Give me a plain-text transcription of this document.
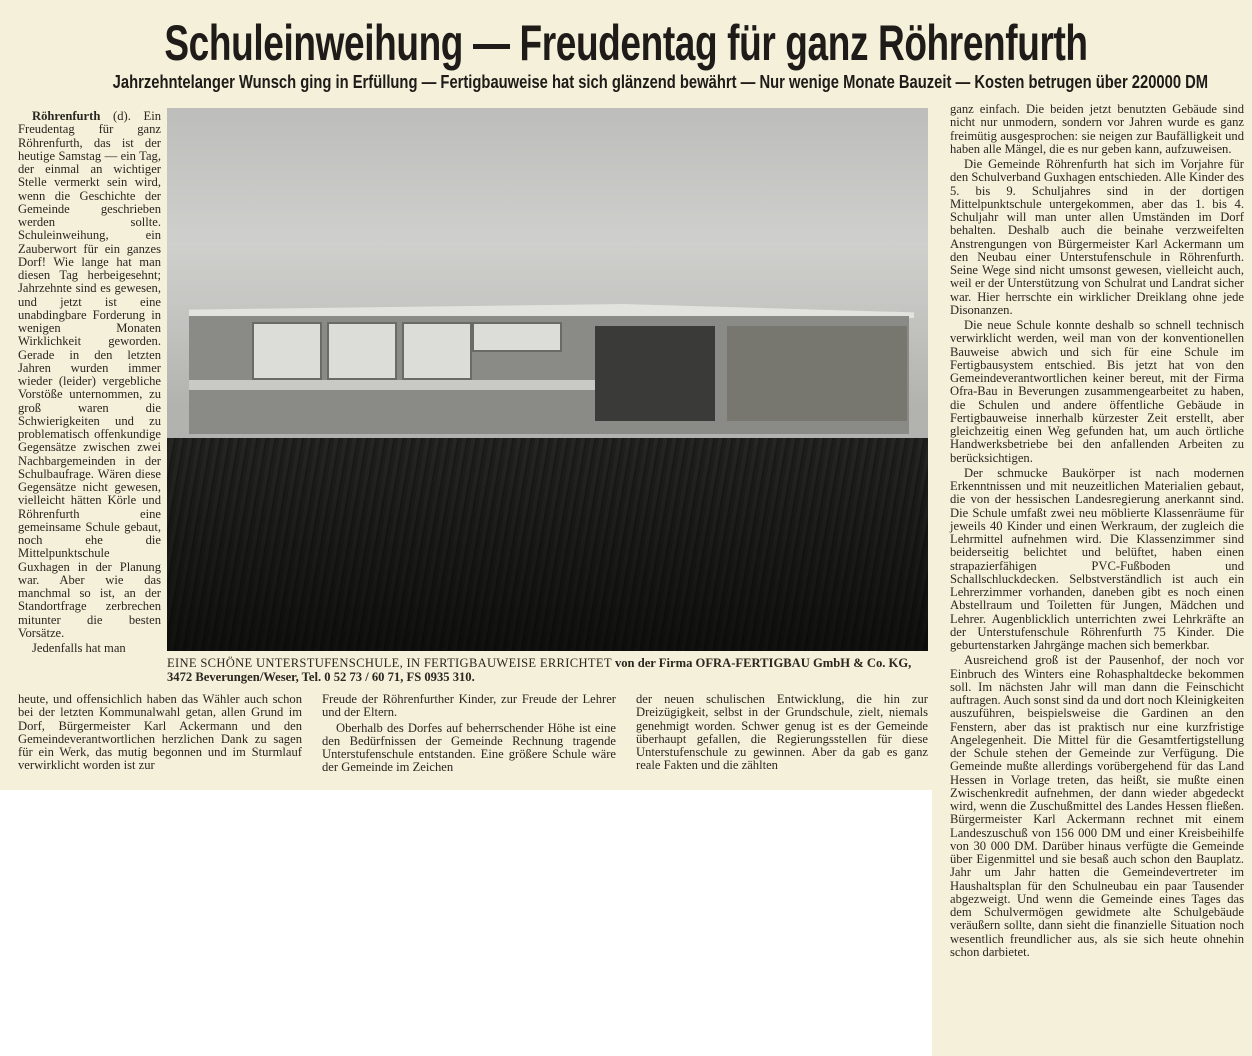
Schuleinweihung — Freudentag für ganz Röhrenfurth
Jahrzehntelanger Wunsch ging in Erfüllung — Fertigbauweise hat sich glänzend bewährt — Nur wenige Monate Bauzeit — Kosten betrugen über 220000 DM

Röhrenfurth (d). Ein Freudentag für ganz Röhrenfurth, das ist der heutige Samstag — ein Tag, der einmal an wichtiger Stelle vermerkt sein wird, wenn die Geschichte der Gemeinde geschrieben werden sollte. Schuleinweihung, ein Zauberwort für ein ganzes Dorf! Wie lange hat man diesen Tag herbeigesehnt; Jahrzehnte sind es gewesen, und jetzt ist eine unabdingbare Forderung in wenigen Monaten Wirklichkeit geworden. Gerade in den letzten Jahren wurden immer wieder (leider) vergebliche Vorstöße unternommen, zu groß waren die Schwierigkeiten und zu problematisch offenkundige Gegensätze zwischen zwei Nachbargemeinden in der Schulbaufrage. Wären diese Gegensätze nicht gewesen, vielleicht hätten Körle und Röhrenfurth eine gemeinsame Schule gebaut, noch ehe die Mittelpunktschule Guxhagen in der Planung war. Aber wie das manchmal so ist, an der Standortfrage zerbrechen mitunter die besten Vorsätze.

Jedenfalls hat man

EINE SCHÖNE UNTERSTUFENSCHULE, IN FERTIGBAUWEISE ERRICHTET von der Firma OFRA-FERTIGBAU GmbH & Co. KG, 3472 Beverungen/Weser, Tel. 0 52 73 / 60 71, FS 0935 310.

heute, und offensichlich haben das Wähler auch schon bei der letzten Kommunalwahl getan, allen Grund im Dorf, Bürgermeister Karl Ackermann und den Gemeindeverantwortlichen herzlichen Dank zu sagen für ein Werk, das mutig begonnen und im Sturmlauf verwirklicht worden ist zur

Freude der Röhrenfurther Kinder, zur Freude der Lehrer und der Eltern.

Oberhalb des Dorfes auf beherrschender Höhe ist eine den Bedürfnissen der Gemeinde Rechnung tragende Unterstufenschule entstanden. Eine größere Schule wäre der Gemeinde im Zeichen

der neuen schulischen Entwicklung, die hin zur Dreizügigkeit, selbst in der Grundschule, zielt, niemals genehmigt worden. Schwer genug ist es der Gemeinde überhaupt gefallen, die Regierungsstellen für diese Unterstufenschule zu gewinnen. Aber da gab es ganz reale Fakten und die zählten

ganz einfach. Die beiden jetzt benutzten Gebäude sind nicht nur unmodern, sondern vor Jahren wurde es ganz freimütig ausgesprochen: sie neigen zur Baufälligkeit und haben alle Mängel, die es nur geben kann, aufzuweisen.

Die Gemeinde Röhrenfurth hat sich im Vorjahre für den Schulverband Guxhagen entschieden. Alle Kinder des 5. bis 9. Schuljahres sind in der dortigen Mittelpunktschule untergekommen, aber das 1. bis 4. Schuljahr will man unter allen Umständen im Dorf behalten. Deshalb auch die beinahe verzweifelten Anstrengungen von Bürgermeister Karl Ackermann um den Neubau einer Unterstufenschule in Röhrenfurth. Seine Wege sind nicht umsonst gewesen, vielleicht auch, weil er der Unterstützung von Schulrat und Landrat sicher war. Hier herrschte ein wirklicher Dreiklang ohne jede Disonanzen.

Die neue Schule konnte deshalb so schnell technisch verwirklicht werden, weil man von der konventionellen Bauweise abwich und sich für eine Schule im Fertigbausystem entschied. Bis jetzt hat von den Gemeindeverantwortlichen keiner bereut, mit der Firma Ofra-Bau in Beverungen zusammengearbeitet zu haben, die Schulen und andere öffentliche Gebäude in Fertigbauweise innerhalb kürzester Zeit erstellt, aber gleichzeitig einen Weg gefunden hat, um auch örtliche Handwerksbetriebe bei den anfallenden Arbeiten zu berücksichtigen.

Der schmucke Baukörper ist nach modernen Erkenntnissen und mit neuzeitlichen Materialien gebaut, die von der hessischen Landesregierung anerkannt sind. Die Schule umfaßt zwei neu möblierte Klassenräume für jeweils 40 Kinder und einen Werkraum, der zugleich die Lehrmittel aufnehmen wird. Die Klassenzimmer sind beiderseitig belichtet und belüftet, haben einen strapazierfähigen PVC-Fußboden und Schallschluckdecken. Selbstverständlich ist auch ein Lehrerzimmer vorhanden, daneben gibt es noch einen Abstellraum und Toiletten für Jungen, Mädchen und Lehrer. Augenblicklich unterrichten zwei Lehrkräfte an der Unterstufenschule Röhrenfurth 75 Kinder. Die geburtenstarken Jahrgänge machen sich bemerkbar.

Ausreichend groß ist der Pausenhof, der noch vor Einbruch des Winters eine Rohasphaltdecke bekommen soll. Im nächsten Jahr will man dann die Feinschicht auftragen. Auch sonst sind da und dort noch Kleinigkeiten auszuführen, beispielsweise die Gardinen an den Fenstern, aber das ist praktisch nur eine kurzfristige Angelegenheit. Die Mittel für die Gesamtfertigstellung der Schule stehen der Gemeinde zur Verfügung. Die Gemeinde mußte allerdings vorübergehend für das Land Hessen in Vorlage treten, das heißt, sie mußte einen Zwischenkredit aufnehmen, der dann wieder abgedeckt wird, wenn die Zuschußmittel des Landes Hessen fließen. Bürgermeister Karl Ackermann rechnet mit einem Landeszuschuß von 156 000 DM und einer Kreisbeihilfe von 30 000 DM. Darüber hinaus verfügte die Gemeinde über Eigenmittel und sie besaß auch schon den Bauplatz. Jahr um Jahr hatten die Gemeindevertreter im Haushaltsplan für den Schulneubau ein paar Tausender abgezweigt. Und wenn die Gemeinde eines Tages das dem Schulvermögen gewidmete alte Schulgebäude veräußern sollte, dann sieht die finanzielle Situation noch wesentlich freundlicher aus, als sie sich heute ohnehin schon darbietet.
